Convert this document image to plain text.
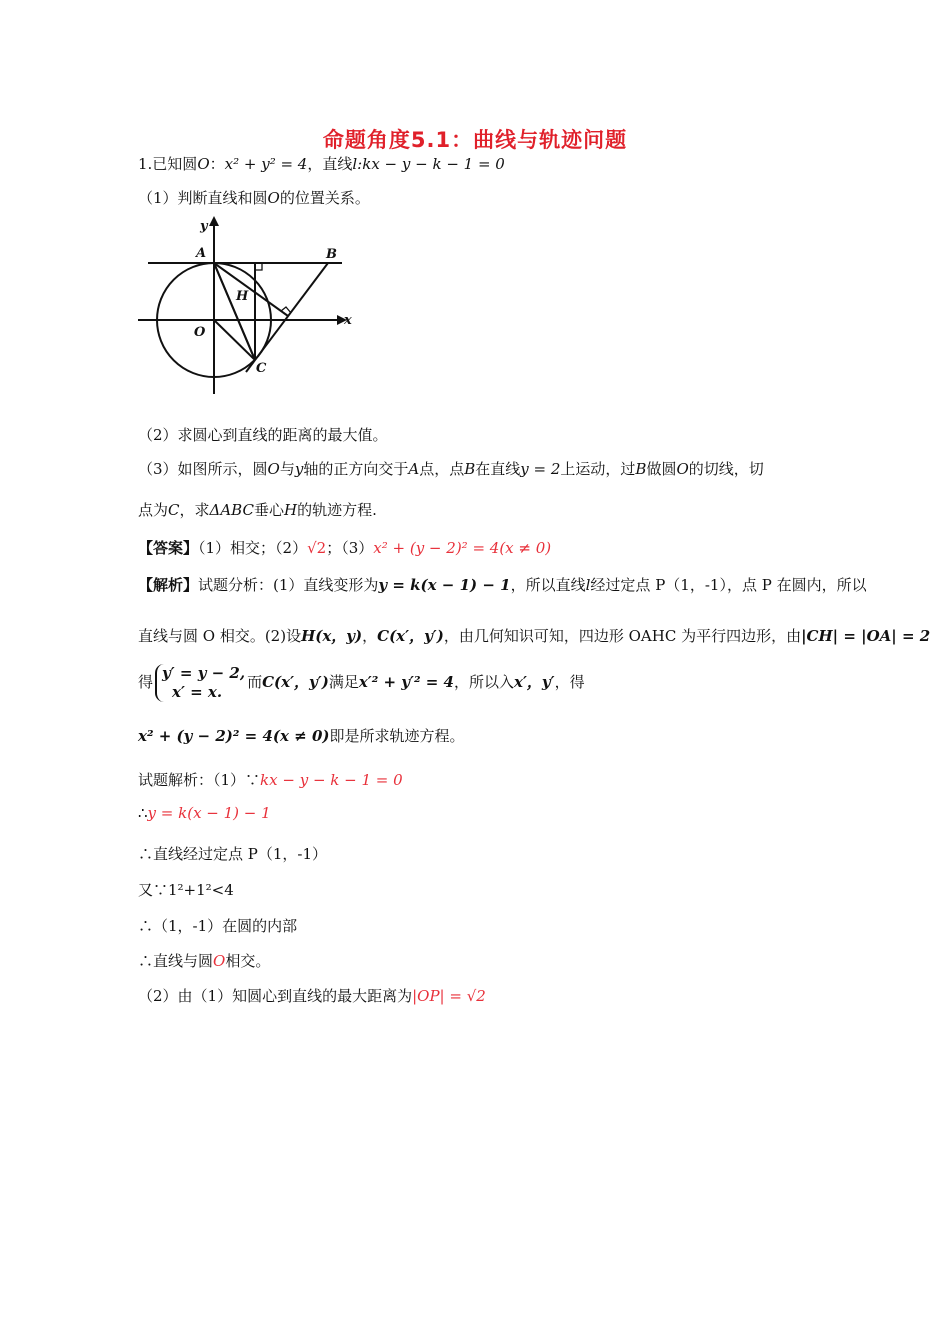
命题角度5.1：曲线与轨迹问题
1.已知圆O：x² + y² = 4，直线l:kx − y − k − 1 = 0
（1）判断直线和圆O的位置关系。
y
x
A	B
O
H
C
（2）求圆心到直线的距离的最大值。
（3）如图所示，圆O与y轴的正方向交于A点，点B在直线y = 2上运动，过B做圆O的切线，切
点为C，求ΔABC垂心H的轨迹方程.
【答案】（1）相交；（2）√2；（3）x² + (y − 2)² = 4(x ≠ 0)
【解析】试题分析：(1）直线变形为y = k(x − 1) − 1，所以直线l经过定点 P（1，-1），点 P 在圆内，所以
直线与圆 O 相交。(2)设H(x，y)，C(x′，y′)，由几何知识可知，四边形 OAHC 为平行四边形，由|CH| = |OA| = 2
得 y′ = y − 2,
x′ = x.而C(x′，y′)满足x′² + y′² = 4，所以入x′，y′，得
x² + (y − 2)² = 4(x ≠ 0)即是所求轨迹方程。
试题解析：（1）∵kx − y − k − 1 = 0
∴y = k(x − 1) − 1
∴直线经过定点 P（1，-1）
又∵1²+1²<4
∴（1，-1）在圆的内部
∴直线与圆O相交。
（2）由（1）知圆心到直线的最大距离为|OP| = √2
